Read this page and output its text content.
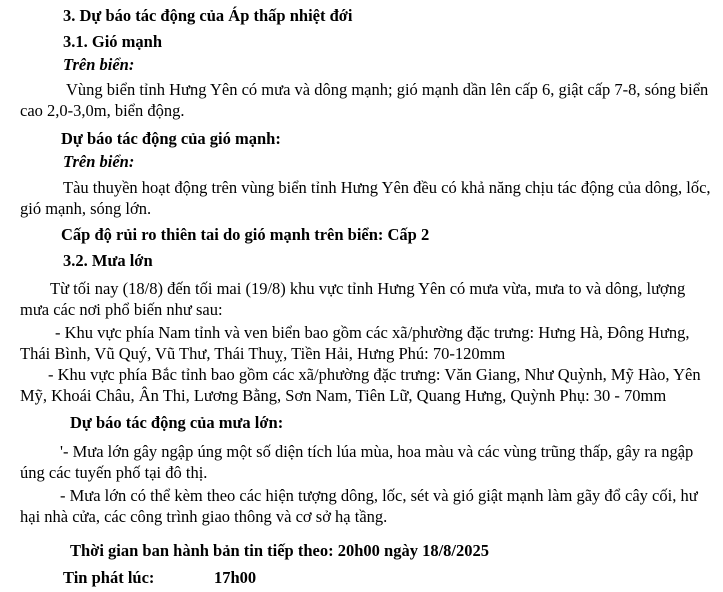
3. Dự báo tác động của Áp thấp nhiệt đới
3.1. Gió mạnh
Trên biển:
Vùng biển tỉnh Hưng Yên có mưa và dông mạnh; gió mạnh dần lên cấp 6, giật cấp 7-8, sóng biển
cao 2,0-3,0m, biển động.
Dự báo tác động của gió mạnh:
Trên biển:
Tàu thuyền hoạt động trên vùng biển tỉnh Hưng Yên đều có khả năng chịu tác động của dông, lốc,
gió mạnh, sóng lớn.
Cấp độ rủi ro thiên tai do gió mạnh trên biển: Cấp 2
3.2. Mưa lớn
Từ tối nay (18/8) đến tối mai (19/8) khu vực tỉnh Hưng Yên có mưa vừa, mưa to và dông, lượng
mưa các nơi phổ biến như sau:
- Khu vực phía Nam tỉnh và ven biển bao gồm các xã/phường đặc trưng: Hưng Hà, Đông Hưng,
Thái Bình, Vũ Quý, Vũ Thư, Thái Thuỵ, Tiền Hải, Hưng Phú: 70-120mm
- Khu vực phía Bắc tỉnh bao gồm các xã/phường đặc trưng: Văn Giang, Như Quỳnh, Mỹ Hào, Yên
Mỹ, Khoái Châu, Ân Thi, Lương Bằng, Sơn Nam, Tiên Lữ, Quang Hưng, Quỳnh Phụ: 30 - 70mm
Dự báo tác động của mưa lớn:
'- Mưa lớn gây ngập úng một số diện tích lúa mùa, hoa màu và các vùng trũng thấp, gây ra ngập
úng các tuyến phố tại đô thị.
- Mưa lớn có thể kèm theo các hiện tượng dông, lốc, sét và gió giật mạnh làm gãy đổ cây cối, hư
hại nhà cửa, các công trình giao thông và cơ sở hạ tầng.
Thời gian ban hành bản tin tiếp theo: 20h00 ngày 18/8/2025
Tin phát lúc:	17h00
